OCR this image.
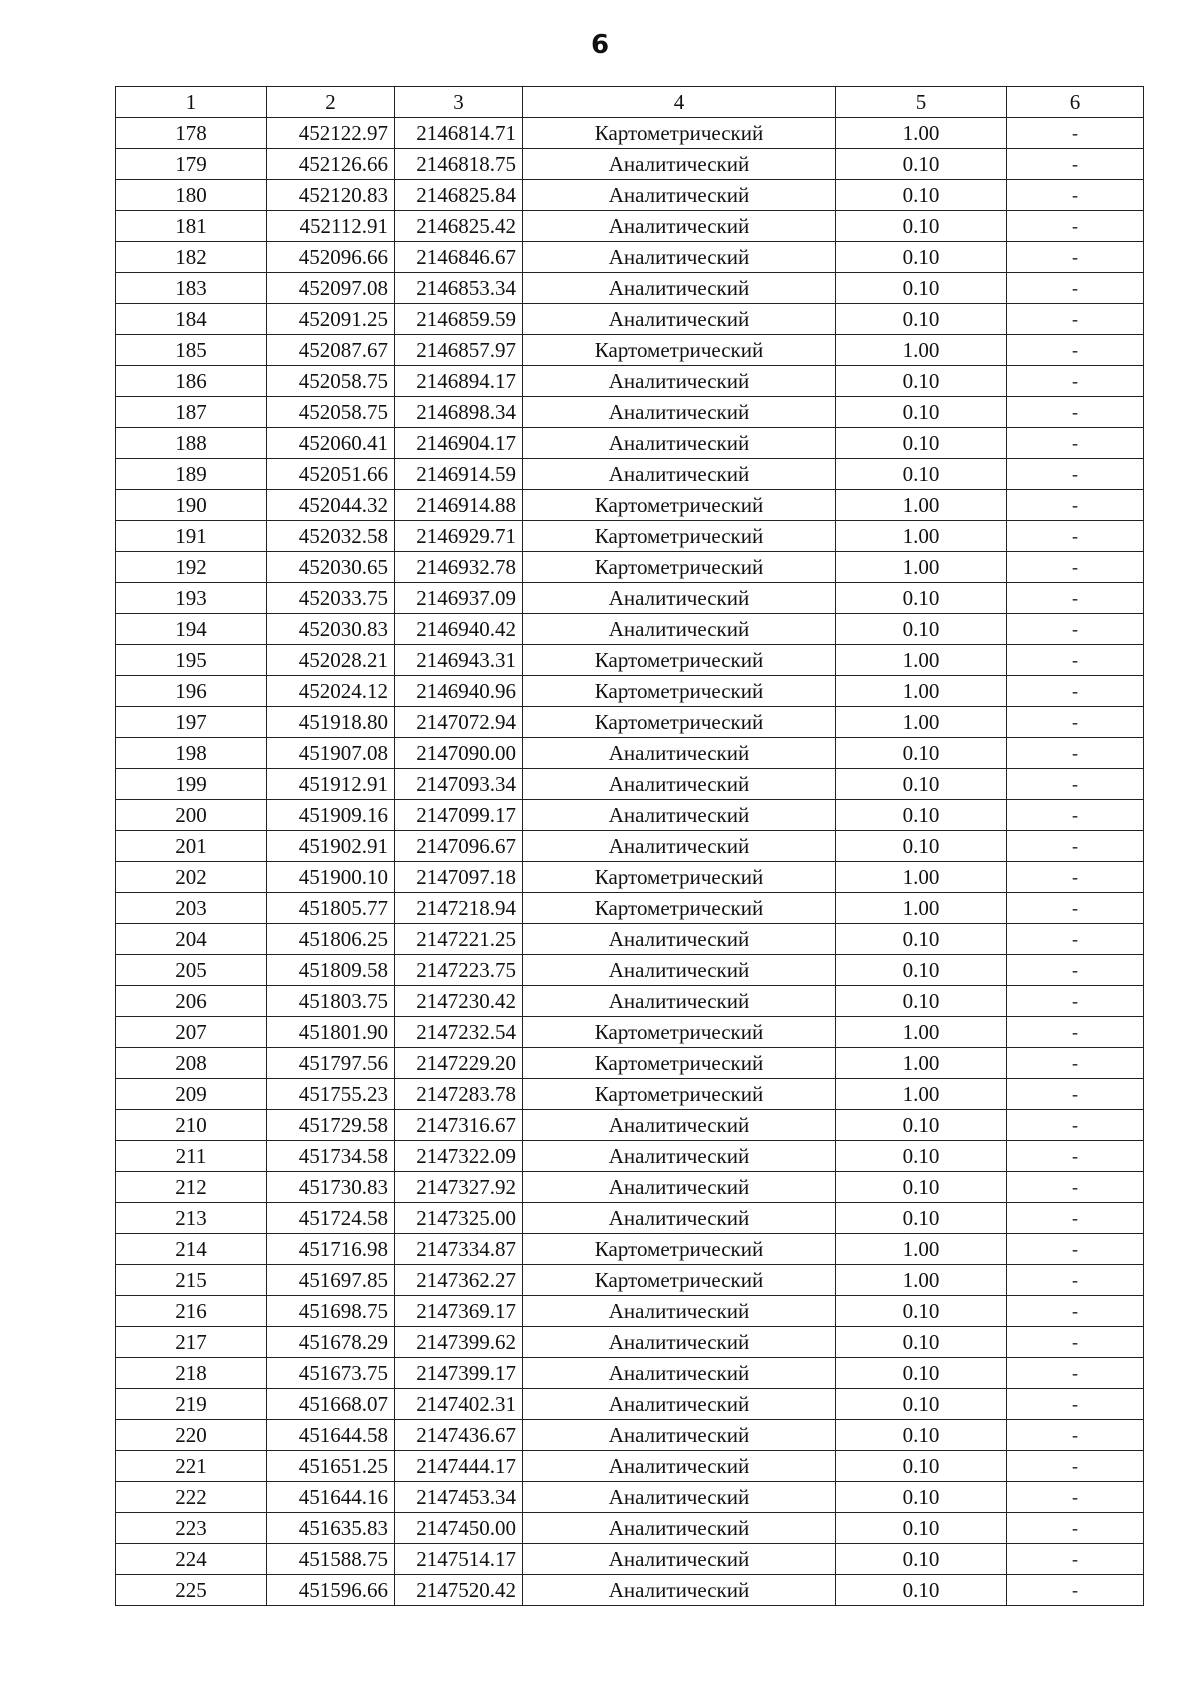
6
1	2	3	4	5	6
178	452122.97	2146814.71	Картометрический	1.00	-
179	452126.66	2146818.75	Аналитический	0.10	-
180	452120.83	2146825.84	Аналитический	0.10	-
181	452112.91	2146825.42	Аналитический	0.10	-
182	452096.66	2146846.67	Аналитический	0.10	-
183	452097.08	2146853.34	Аналитический	0.10	-
184	452091.25	2146859.59	Аналитический	0.10	-
185	452087.67	2146857.97	Картометрический	1.00	-
186	452058.75	2146894.17	Аналитический	0.10	-
187	452058.75	2146898.34	Аналитический	0.10	-
188	452060.41	2146904.17	Аналитический	0.10	-
189	452051.66	2146914.59	Аналитический	0.10	-
190	452044.32	2146914.88	Картометрический	1.00	-
191	452032.58	2146929.71	Картометрический	1.00	-
192	452030.65	2146932.78	Картометрический	1.00	-
193	452033.75	2146937.09	Аналитический	0.10	-
194	452030.83	2146940.42	Аналитический	0.10	-
195	452028.21	2146943.31	Картометрический	1.00	-
196	452024.12	2146940.96	Картометрический	1.00	-
197	451918.80	2147072.94	Картометрический	1.00	-
198	451907.08	2147090.00	Аналитический	0.10	-
199	451912.91	2147093.34	Аналитический	0.10	-
200	451909.16	2147099.17	Аналитический	0.10	-
201	451902.91	2147096.67	Аналитический	0.10	-
202	451900.10	2147097.18	Картометрический	1.00	-
203	451805.77	2147218.94	Картометрический	1.00	-
204	451806.25	2147221.25	Аналитический	0.10	-
205	451809.58	2147223.75	Аналитический	0.10	-
206	451803.75	2147230.42	Аналитический	0.10	-
207	451801.90	2147232.54	Картометрический	1.00	-
208	451797.56	2147229.20	Картометрический	1.00	-
209	451755.23	2147283.78	Картометрический	1.00	-
210	451729.58	2147316.67	Аналитический	0.10	-
211	451734.58	2147322.09	Аналитический	0.10	-
212	451730.83	2147327.92	Аналитический	0.10	-
213	451724.58	2147325.00	Аналитический	0.10	-
214	451716.98	2147334.87	Картометрический	1.00	-
215	451697.85	2147362.27	Картометрический	1.00	-
216	451698.75	2147369.17	Аналитический	0.10	-
217	451678.29	2147399.62	Аналитический	0.10	-
218	451673.75	2147399.17	Аналитический	0.10	-
219	451668.07	2147402.31	Аналитический	0.10	-
220	451644.58	2147436.67	Аналитический	0.10	-
221	451651.25	2147444.17	Аналитический	0.10	-
222	451644.16	2147453.34	Аналитический	0.10	-
223	451635.83	2147450.00	Аналитический	0.10	-
224	451588.75	2147514.17	Аналитический	0.10	-
225	451596.66	2147520.42	Аналитический	0.10	-
